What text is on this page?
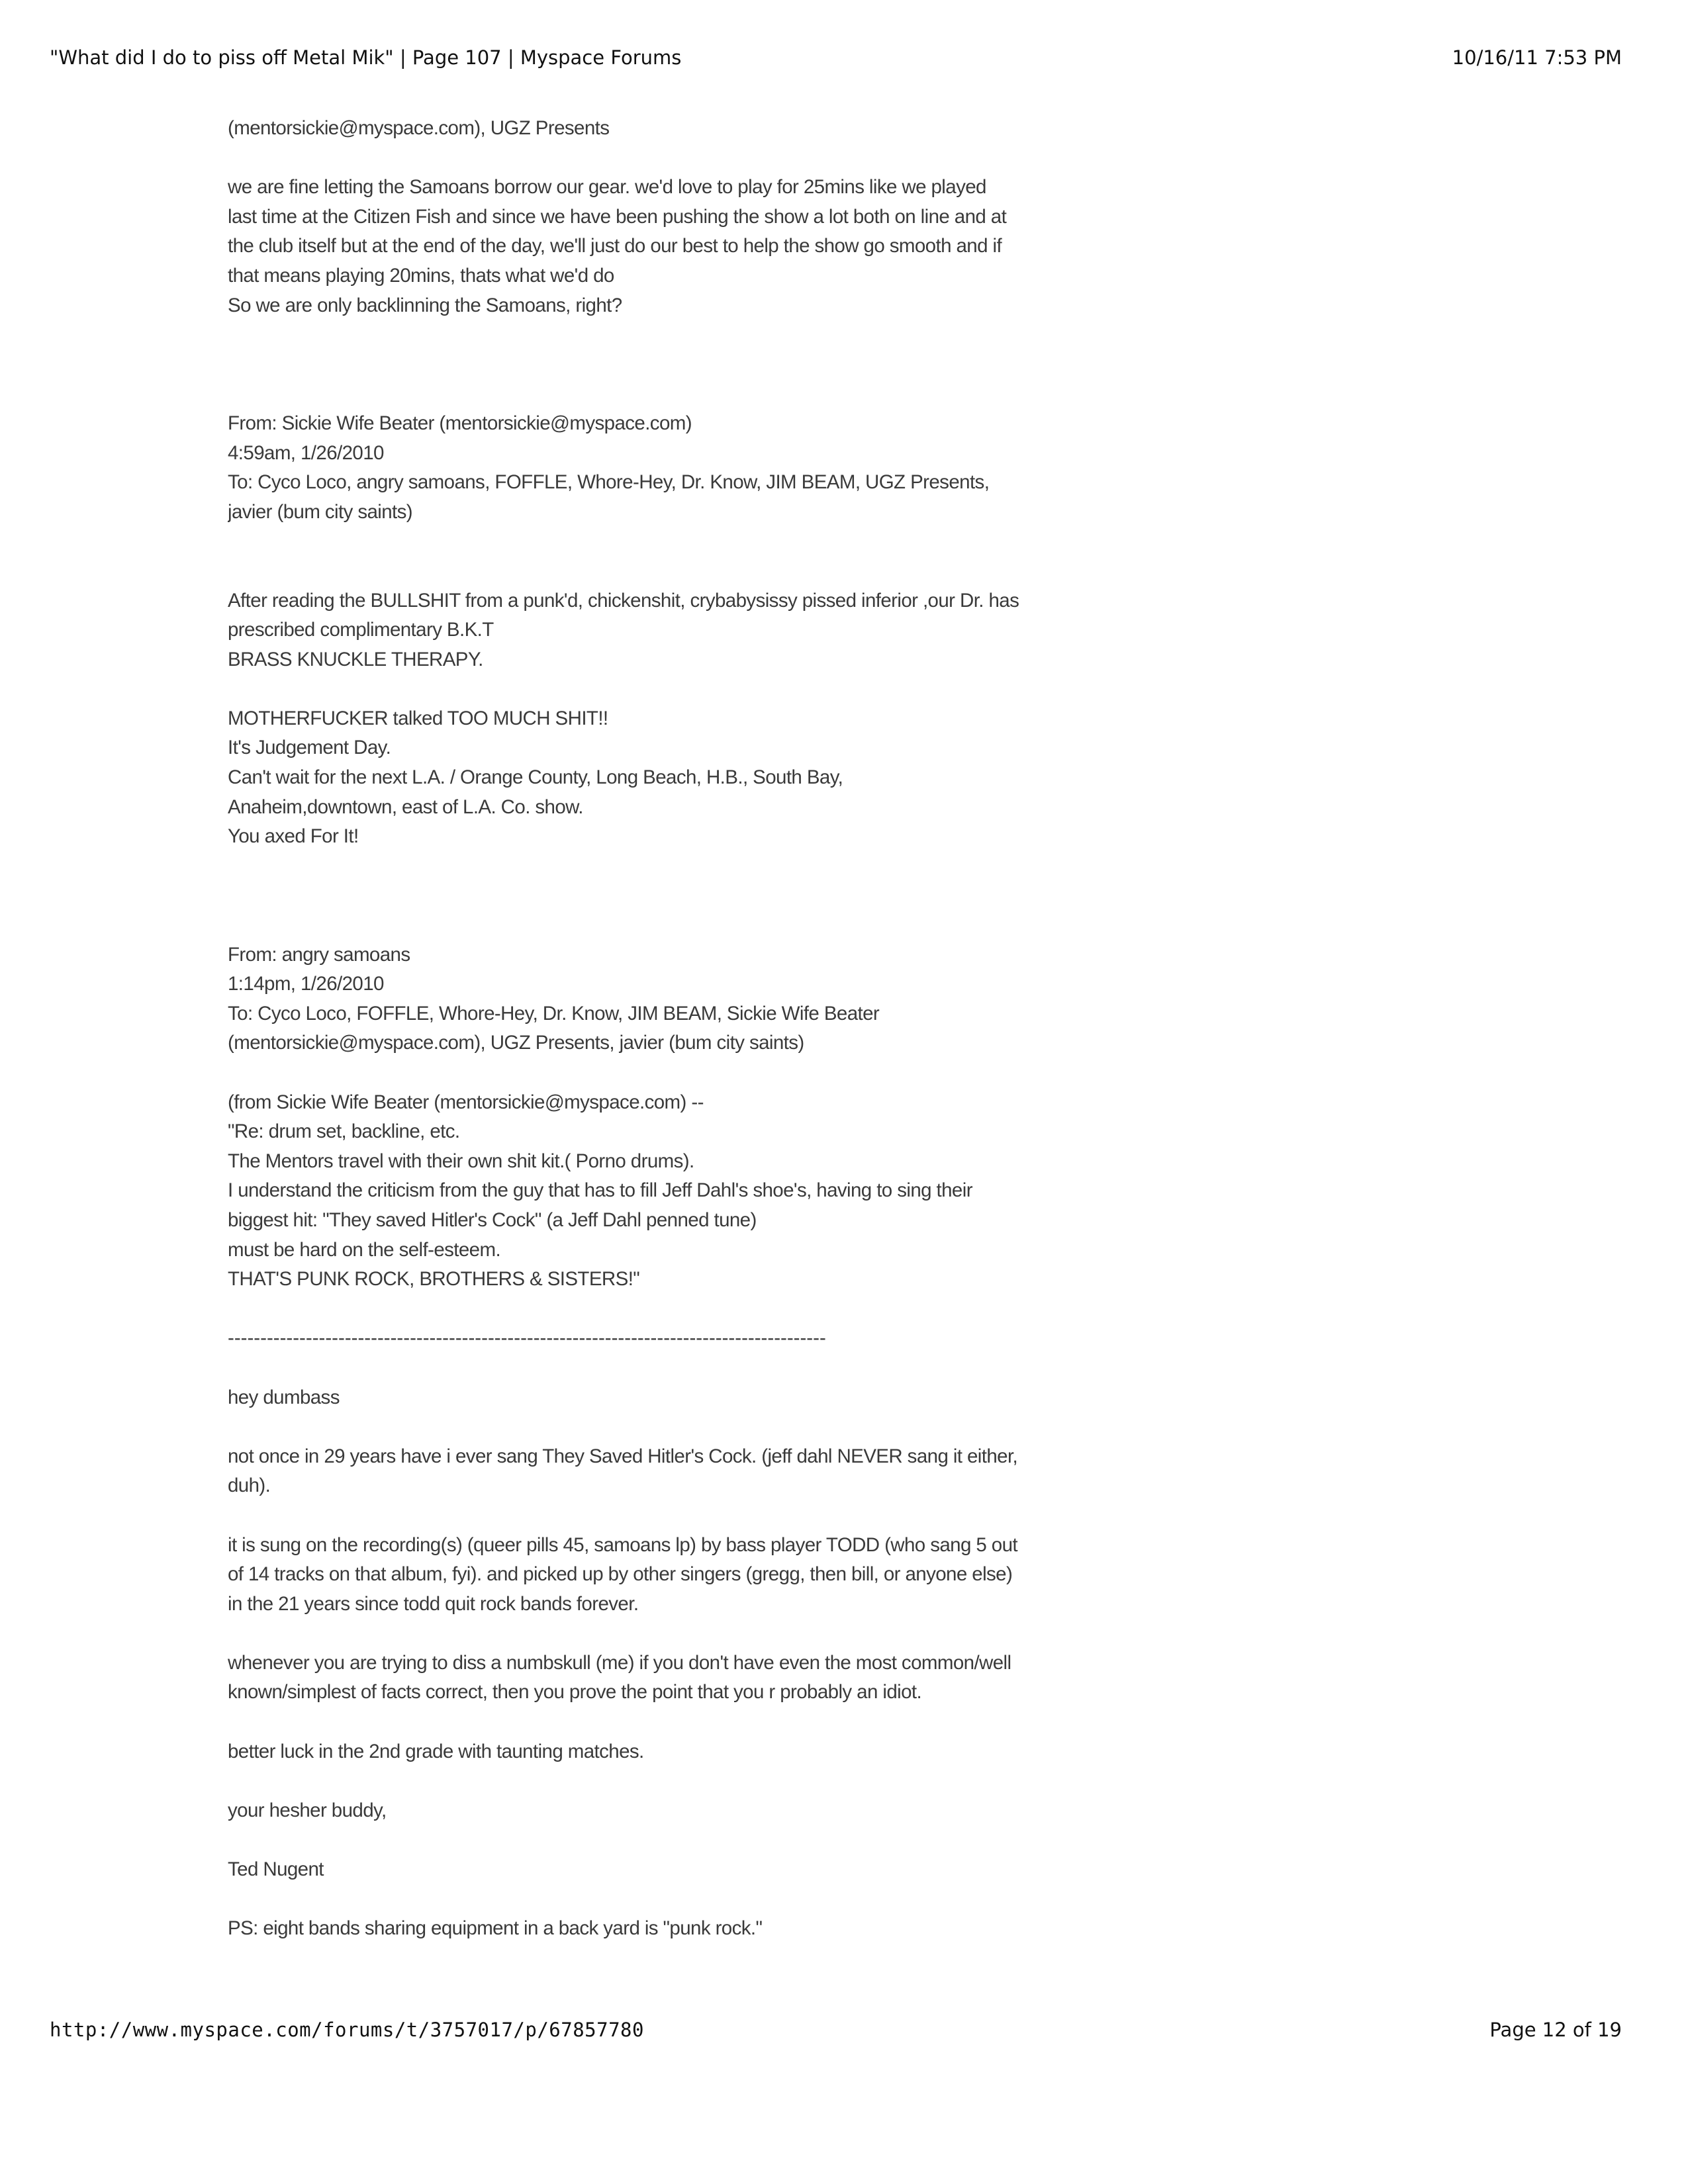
"What did I do to piss off Metal Mik" | Page 107 | Myspace Forums	10/16/11 7:53 PM
(mentorsickie@myspace.com), UGZ Presents
we are fine letting the Samoans borrow our gear. we'd love to play for 25mins like we played
last time at the Citizen Fish and since we have been pushing the show a lot both on line and at
the club itself but at the end of the day, we'll just do our best to help the show go smooth and if
that means playing 20mins, thats what we'd do
So we are only backlinning the Samoans, right?
From: Sickie Wife Beater (mentorsickie@myspace.com)
4:59am, 1/26/2010
To: Cyco Loco, angry samoans, FOFFLE, Whore-Hey, Dr. Know, JIM BEAM, UGZ Presents,
javier (bum city saints)
After reading the BULLSHIT from a punk'd, chickenshit, crybabysissy pissed inferior ,our Dr. has
prescribed complimentary B.K.T
BRASS KNUCKLE THERAPY.
MOTHERFUCKER talked TOO MUCH SHIT!!
It's Judgement Day.
Can't wait for the next L.A. / Orange County, Long Beach, H.B., South Bay,
Anaheim,downtown, east of L.A. Co. show.
You axed For It!
From: angry samoans
1:14pm, 1/26/2010
To: Cyco Loco, FOFFLE, Whore-Hey, Dr. Know, JIM BEAM, Sickie Wife Beater
(mentorsickie@myspace.com), UGZ Presents, javier (bum city saints)
(from Sickie Wife Beater (mentorsickie@myspace.com) --
"Re: drum set, backline, etc.
The Mentors travel with their own shit kit.( Porno drums).
I understand the criticism from the guy that has to fill Jeff Dahl's shoe's, having to sing their
biggest hit: "They saved Hitler's Cock" (a Jeff Dahl penned tune)
must be hard on the self-esteem.
THAT'S PUNK ROCK, BROTHERS & SISTERS!"
--------------------------------------------------------------------------------------------
hey dumbass
not once in 29 years have i ever sang They Saved Hitler's Cock. (jeff dahl NEVER sang it either,
duh).
it is sung on the recording(s) (queer pills 45, samoans lp) by bass player TODD (who sang 5 out
of 14 tracks on that album, fyi). and picked up by other singers (gregg, then bill, or anyone else)
in the 21 years since todd quit rock bands forever.
whenever you are trying to diss a numbskull (me) if you don't have even the most common/well
known/simplest of facts correct, then you prove the point that you r probably an idiot.
better luck in the 2nd grade with taunting matches.
your hesher buddy,
Ted Nugent
PS: eight bands sharing equipment in a back yard is "punk rock."
http://www.myspace.com/forums/t/3757017/p/67857780	Page 12 of 19
